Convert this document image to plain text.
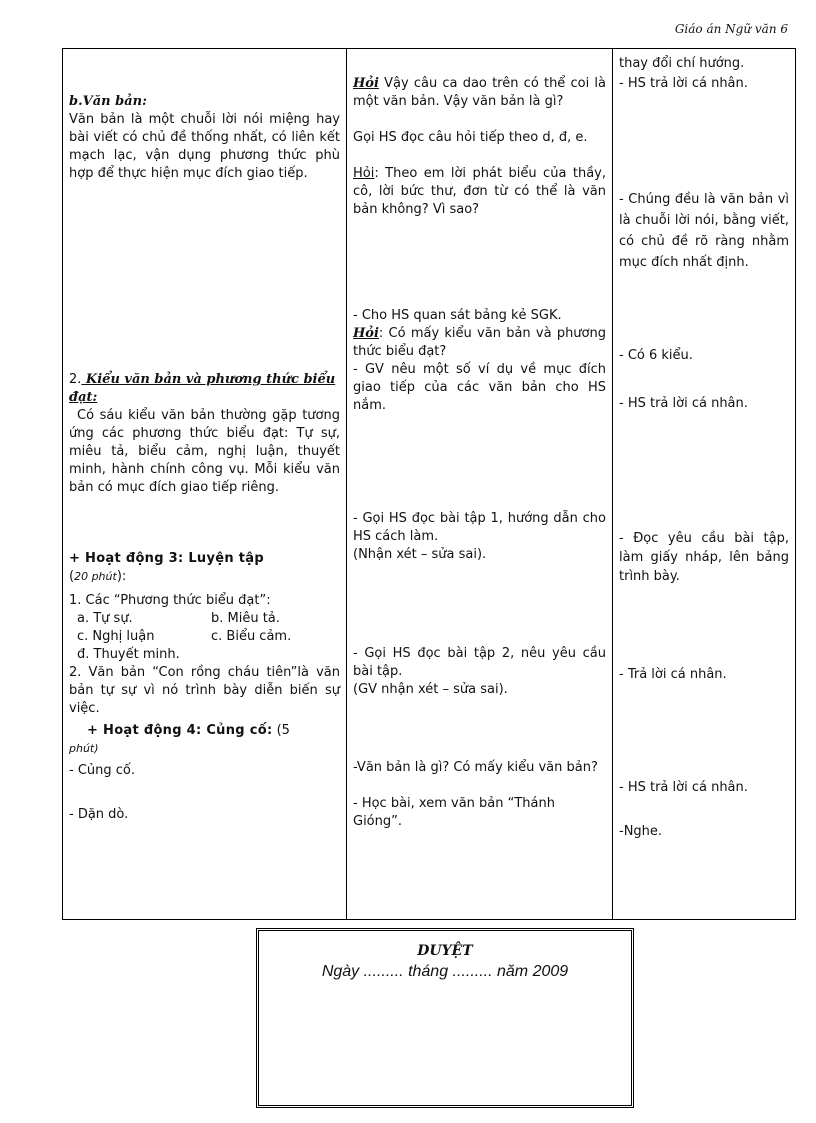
Giáo án Ngữ văn 6
b.Văn bản:
Văn bản là một chuỗi lời nói miệng hay bài viết có chủ đề thống nhất, có liên kết mạch lạc, vận dụng phương thức phù hợp để thực hiện mục đích giao tiếp.
2. Kiểu văn bản và phương thức biểu đạt:
Có sáu kiểu văn bản thường gặp tương ứng các phương thức biểu đạt: Tự sự, miêu tả, biểu cảm, nghị luận, thuyết minh, hành chính công vụ. Mỗi kiểu văn bản có mục đích giao tiếp riêng.
+ Hoạt động 3: Luyện tập
(20 phút):
1. Các “Phương thức biểu đạt”:
a. Tự sự.	b. Miêu tả.
c. Nghị luận	c. Biểu cảm.
đ. Thuyết minh.
2. Văn bản “Con rồng cháu tiên”là văn bản tự sự vì nó trình bày diễn biến sự việc.
+ Hoạt động 4: Củng cố: (5
phút)
- Củng cố.
- Dặn dò.

Hỏi Vậy câu ca dao trên có thể coi là một văn bản. Vậy văn bản là gì?
Gọi HS đọc câu hỏi tiếp theo d, đ, e.
Hỏi: Theo em lời phát biểu của thầy, cô, lời bức thư, đơn từ có thể là văn bản không? Vì sao?
- Cho HS quan sát bảng kẻ SGK.
Hỏi: Có mấy kiểu văn bản và phương thức biểu đạt?
- GV nêu một số ví dụ về mục đích giao tiếp của các văn bản cho HS nắm.
- Gọi HS đọc bài tập 1, hướng dẫn cho HS cách làm.
(Nhận xét – sửa sai).
- Gọi HS đọc bài tập 2, nêu yêu cầu bài tập.
(GV nhận xét – sửa sai).
-Văn bản là gì? Có mấy kiểu văn bản?
- Học bài, xem văn bản “Thánh Gióng”.

thay đổi chí hướng.
- HS trả lời cá nhân.
- Chúng đều là văn bản vì là chuỗi lời nói, bằng viết, có chủ đề rõ ràng nhằm mục đích nhất định.
- Có 6 kiểu.
- HS trả lời cá nhân.
- Đọc yêu cầu bài tập, làm giấy nháp, lên bảng trình bày.
- Trả lời cá nhân.
- HS trả lời cá nhân.
-Nghe.
DUYỆT
Ngày ......... tháng ......... năm 2009
